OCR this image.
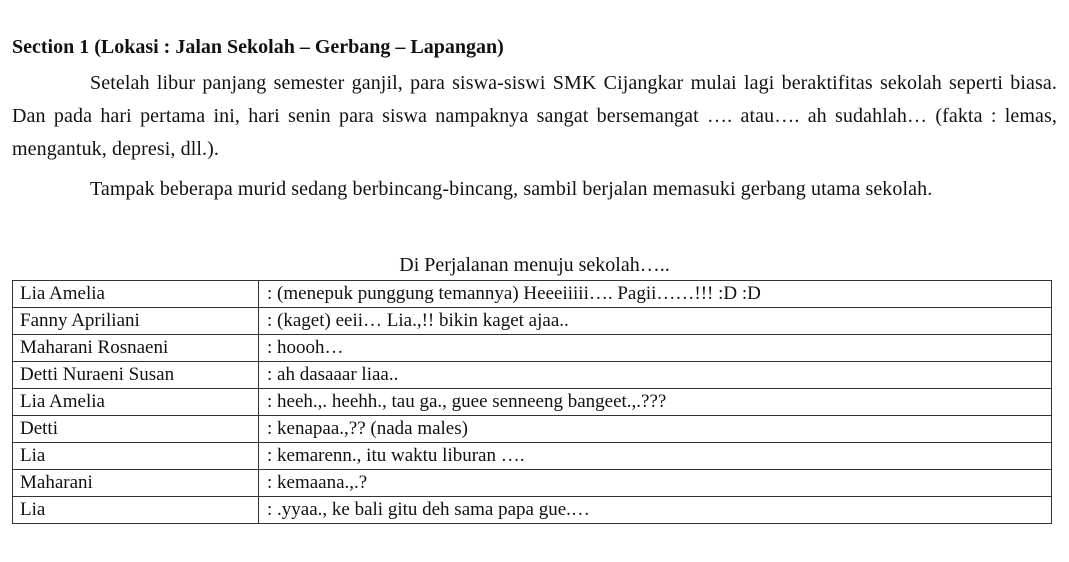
Section 1 (Lokasi : Jalan Sekolah – Gerbang – Lapangan)
Setelah libur panjang semester ganjil, para siswa-siswi SMK Cijangkar mulai lagi beraktifitas sekolah seperti biasa. Dan pada hari pertama ini, hari senin para siswa nampaknya sangat bersemangat …. atau…. ah sudahlah… (fakta : lemas, mengantuk, depresi, dll.).
Tampak beberapa murid sedang berbincang-bincang, sambil berjalan memasuki gerbang utama sekolah.
Di Perjalanan menuju sekolah…..
Lia Amelia	: (menepuk punggung temannya) Heeeiiiii…. Pagii……!!! :D :D
Fanny Apriliani	: (kaget) eeii… Lia.,!! bikin kaget ajaa..
Maharani Rosnaeni	: hoooh…
Detti Nuraeni Susan	: ah dasaaar liaa..
Lia Amelia	: heeh.,. heehh., tau ga., guee senneeng bangeet.,.???
Detti	: kenapaa.,?? (nada males)
Lia	: kemarenn., itu waktu liburan ….
Maharani	: kemaana.,.?
Lia	: .yyaa., ke bali gitu deh sama papa gue.…
